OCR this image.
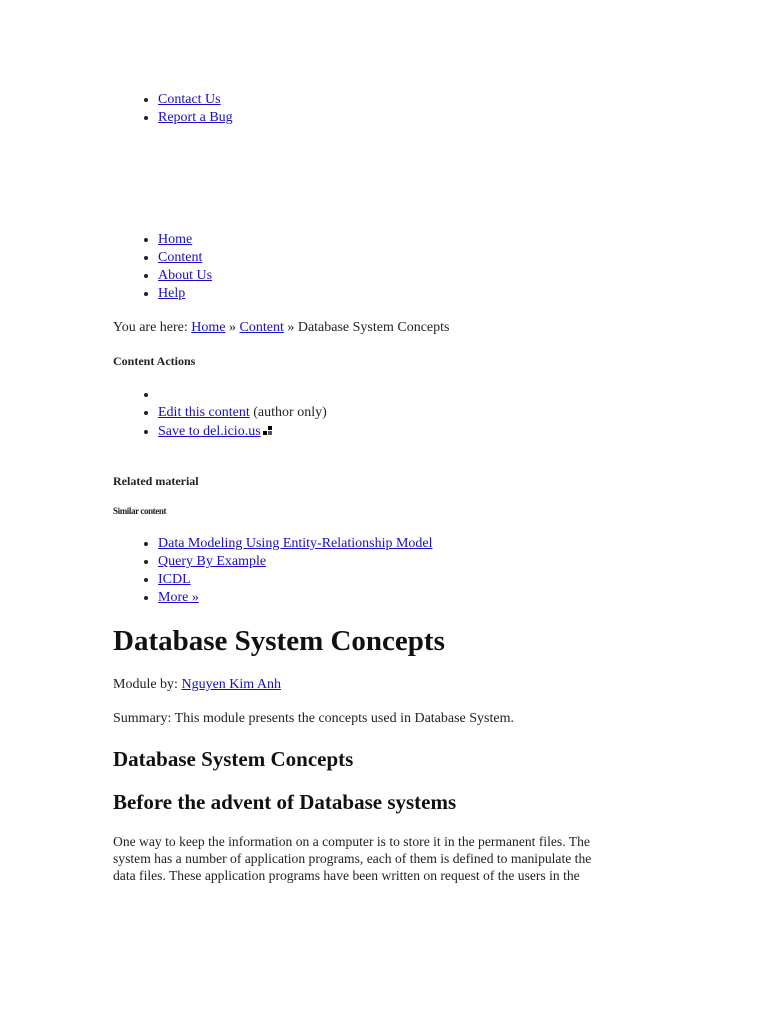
• Contact Us
• Report a Bug
• Home
• Content
• About Us
• Help
You are here: Home » Content » Database System Concepts
Content Actions
•
• Edit this content (author only)
• Save to del.icio.us
Related material
Similar content
• Data Modeling Using Entity-Relationship Model
• Query By Example
• ICDL
• More »
Database System Concepts
Module by: Nguyen Kim Anh
Summary: This module presents the concepts used in Database System.
Database System Concepts
Before the advent of Database systems
One way to keep the information on a computer is to store it in the permanent files. The
system has a number of application programs, each of them is defined to manipulate the
data files. These application programs have been written on request of the users in the
